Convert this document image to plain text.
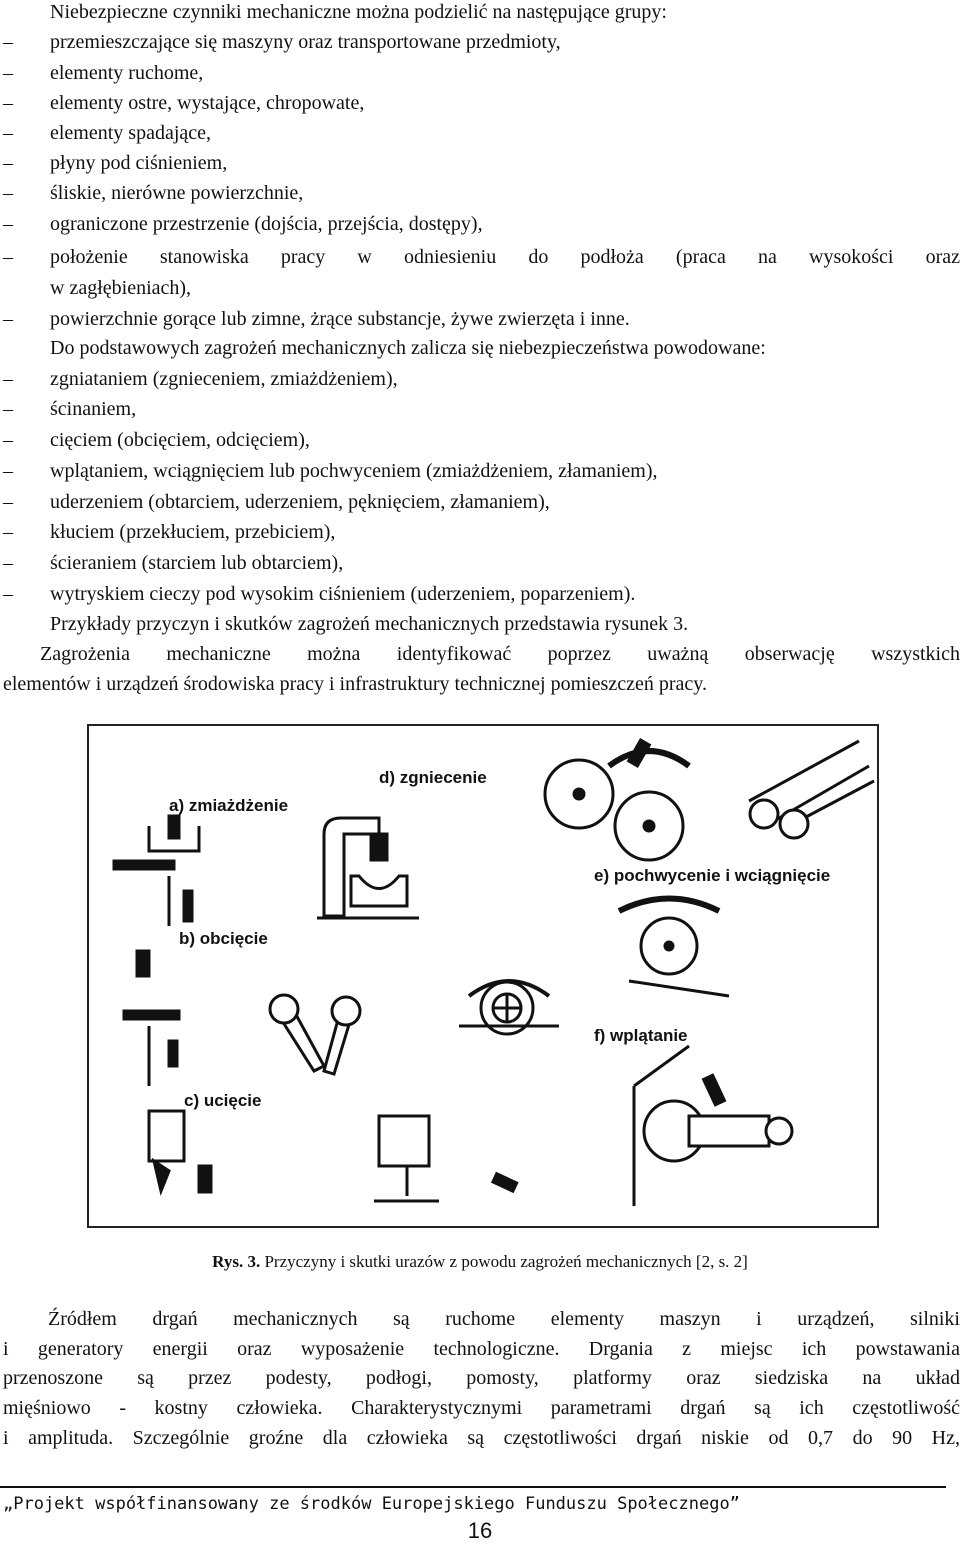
Niebezpieczne czynniki mechaniczne można podzielić na następujące grupy:
– przemieszczające się maszyny oraz transportowane przedmioty,
– elementy ruchome,
– elementy ostre, wystające, chropowate,
– elementy spadające,
– płyny pod ciśnieniem,
– śliskie, nierówne powierzchnie,
– ograniczone przestrzenie (dojścia, przejścia, dostępy),
– położenie stanowiska pracy w odniesieniu do podłoża (praca na wysokości oraz
w zagłębieniach),
– powierzchnie gorące lub zimne, żrące substancje, żywe zwierzęta i inne.
Do podstawowych zagrożeń mechanicznych zalicza się niebezpieczeństwa powodowane:
– zgniataniem (zgnieceniem, zmiażdżeniem),
– ścinaniem,
– cięciem (obcięciem, odcięciem),
– wplątaniem, wciągnięciem lub pochwyceniem (zmiażdżeniem, złamaniem),
– uderzeniem (obtarciem, uderzeniem, pęknięciem, złamaniem),
– kłuciem (przekłuciem, przebiciem),
– ścieraniem (starciem lub obtarciem),
– wytryskiem cieczy pod wysokim ciśnieniem (uderzeniem, poparzeniem).
Przykłady przyczyn i skutków zagrożeń mechanicznych przedstawia rysunek 3.
Zagrożenia mechaniczne można identyfikować poprzez uważną obserwację wszystkich
elementów i urządzeń środowiska pracy i infrastruktury technicznej pomieszczeń pracy.
d) zgniecenie
a) zmiażdżenie
b) obcięcie
c) ucięcie
e) pochwycenie i wciągnięcie
f) wplątanie
Rys. 3. Przyczyny i skutki urazów z powodu zagrożeń mechanicznych [2, s. 2]
Źródłem drgań mechanicznych są ruchome elementy maszyn i urządzeń, silniki
i generatory energii oraz wyposażenie technologiczne. Drgania z miejsc ich powstawania
przenoszone są przez podesty, podłogi, pomosty, platformy oraz siedziska na układ
mięśniowo - kostny człowieka. Charakterystycznymi parametrami drgań są ich częstotliwość
i amplituda. Szczególnie groźne dla człowieka są częstotliwości drgań niskie od 0,7 do 90 Hz,
„Projekt współfinansowany ze środków Europejskiego Funduszu Społecznego”
16
